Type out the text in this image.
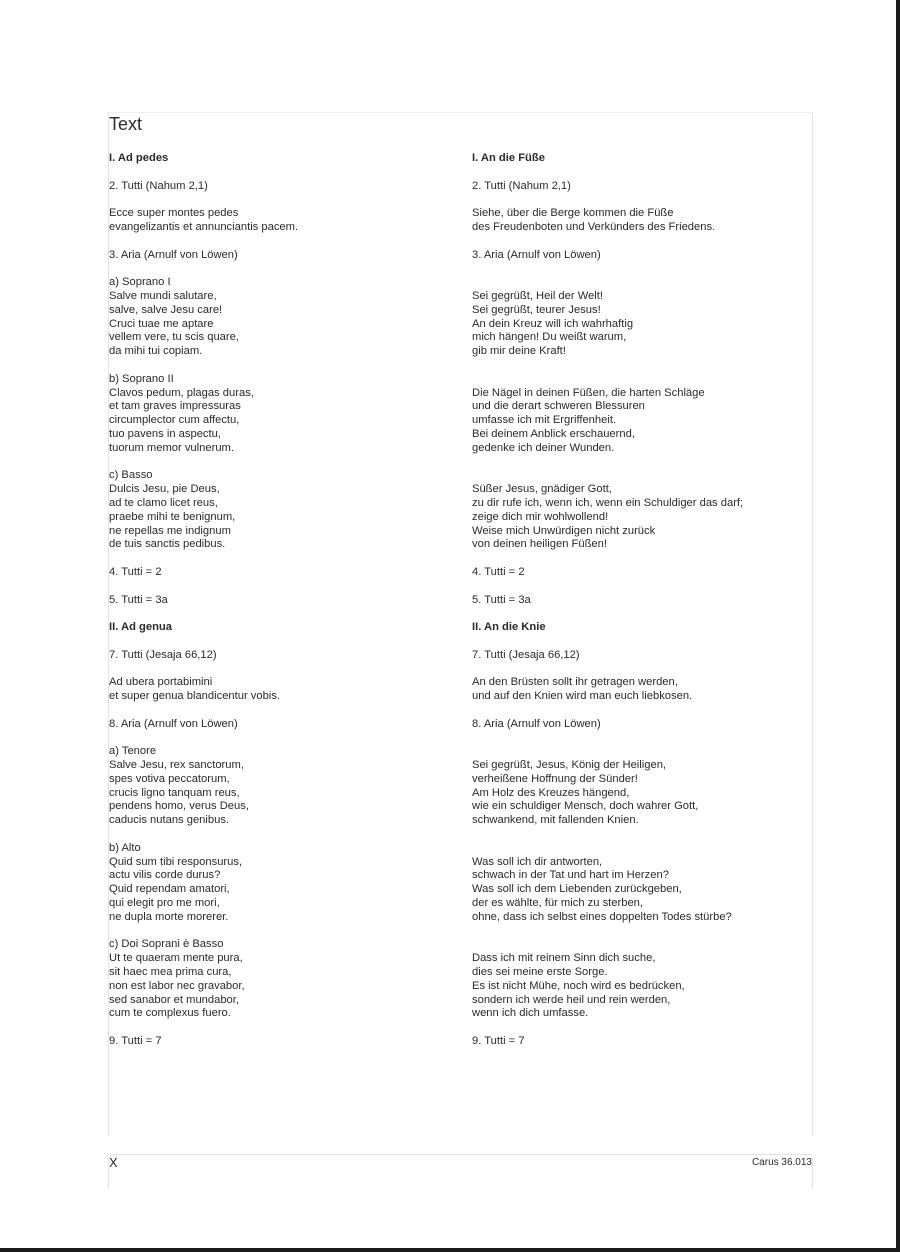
Text
I. Ad pedes
2. Tutti (Nahum 2,1)
Ecce super montes pedes
evangelizantis et annunciantis pacem.
3. Aria (Arnulf von Löwen)
a) Soprano I
Salve mundi salutare,
salve, salve Jesu care!
Cruci tuae me aptare
vellem vere, tu scis quare,
da mihi tui copiam.
b) Soprano II
Clavos pedum, plagas duras,
et tam graves impressuras
circumplector cum affectu,
tuo pavens in aspectu,
tuorum memor vulnerum.
c) Basso
Dulcis Jesu, pie Deus,
ad te clamo licet reus,
praebe mihi te benignum,
ne repellas me indignum
de tuis sanctis pedibus.
4. Tutti = 2
5. Tutti = 3a
II. Ad genua
7. Tutti (Jesaja 66,12)
Ad ubera portabimini
et super genua blandicentur vobis.
8. Aria (Arnulf von Löwen)
a) Tenore
Salve Jesu, rex sanctorum,
spes votiva peccatorum,
crucis ligno tanquam reus,
pendens homo, verus Deus,
caducis nutans genibus.
b) Alto
Quid sum tibi responsurus,
actu vilis corde durus?
Quid rependam amatori,
qui elegit pro me mori,
ne dupla morte morerer.
c) Doi Soprani è Basso
Ut te quaeram mente pura,
sit haec mea prima cura,
non est labor nec gravabor,
sed sanabor et mundabor,
cum te complexus fuero.
9. Tutti = 7
I. An die Füße
2. Tutti (Nahum 2,1)
Siehe, über die Berge kommen die Füße
des Freudenboten und Verkünders des Friedens.
3. Aria (Arnulf von Löwen)
Sei gegrüßt, Heil der Welt!
Sei gegrüßt, teurer Jesus!
An dein Kreuz will ich wahrhaftig
mich hängen! Du weißt warum,
gib mir deine Kraft!
Die Nägel in deinen Füßen, die harten Schläge
und die derart schweren Blessuren
umfasse ich mit Ergriffenheit.
Bei deinem Anblick erschauernd,
gedenke ich deiner Wunden.
Süßer Jesus, gnädiger Gott,
zu dir rufe ich, wenn ich, wenn ein Schuldiger das darf;
zeige dich mir wohlwollend!
Weise mich Unwürdigen nicht zurück
von deinen heiligen Füßen!
4. Tutti = 2
5. Tutti = 3a
II. An die Knie
7. Tutti (Jesaja 66,12)
An den Brüsten sollt ihr getragen werden,
und auf den Knien wird man euch liebkosen.
8. Aria (Arnulf von Löwen)
Sei gegrüßt, Jesus, König der Heiligen,
verheißene Hoffnung der Sünder!
Am Holz des Kreuzes hängend,
wie ein schuldiger Mensch, doch wahrer Gott,
schwankend, mit fallenden Knien.
Was soll ich dir antworten,
schwach in der Tat und hart im Herzen?
Was soll ich dem Liebenden zurückgeben,
der es wählte, für mich zu sterben,
ohne, dass ich selbst eines doppelten Todes stürbe?
Dass ich mit reinem Sinn dich suche,
dies sei meine erste Sorge.
Es ist nicht Mühe, noch wird es bedrücken,
sondern ich werde heil und rein werden,
wenn ich dich umfasse.
9. Tutti = 7
X	Carus 36.013
